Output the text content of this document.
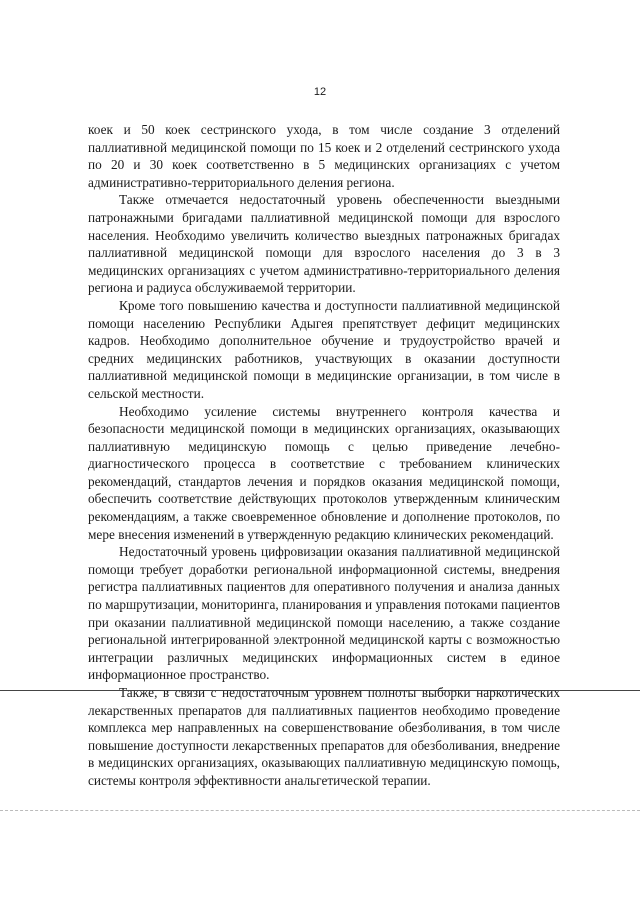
12

коек и 50 коек сестринского ухода, в том числе создание 3 отделений паллиативной медицинской помощи по 15 коек и 2 отделений сестринского ухода по 20 и 30 коек соответственно в 5 медицинских организациях с учетом административно-территориального деления региона.

Также отмечается недостаточный уровень обеспеченности выездными патронажными бригадами паллиативной медицинской помощи для взрослого населения. Необходимо увеличить количество выездных патронажных бригадах паллиативной медицинской помощи для взрослого населения до 3 в 3 медицинских организациях с учетом административно-территориального деления региона и радиуса обслуживаемой территории.

Кроме того повышению качества и доступности паллиативной медицинской помощи населению Республики Адыгея препятствует дефицит медицинских кадров. Необходимо дополнительное обучение и трудоустройство врачей и средних медицинских работников, участвующих в оказании доступности паллиативной медицинской помощи в медицинские организации, в том числе в сельской местности.

Необходимо усиление системы внутреннего контроля качества и безопасности медицинской помощи в медицинских организациях, оказывающих паллиативную медицинскую помощь с целью приведение лечебно-диагностического процесса в соответствие с требованием клинических рекомендаций, стандартов лечения и порядков оказания медицинской помощи, обеспечить соответствие действующих протоколов утвержденным клиническим рекомендациям, а также своевременное обновление и дополнение протоколов, по мере внесения изменений в утвержденную редакцию клинических рекомендаций.

Недостаточный уровень цифровизации оказания паллиативной медицинской помощи требует доработки региональной информационной системы, внедрения регистра паллиативных пациентов для оперативного получения и анализа данных по маршрутизации, мониторинга, планирования и управления потоками пациентов при оказании паллиативной медицинской помощи населению, а также создание региональной интегрированной электронной медицинской карты с возможностью интеграции различных медицинских информационных систем в единое информационное пространство.

Также, в связи с недостаточным уровнем полноты выборки наркотических лекарственных препаратов для паллиативных пациентов необходимо проведение комплекса мер направленных на совершенствование обезболивания, в том числе повышение доступности лекарственных препаратов для обезболивания, внедрение в медицинских организациях, оказывающих паллиативную медицинскую помощь, системы контроля эффективности анальгетической терапии.
